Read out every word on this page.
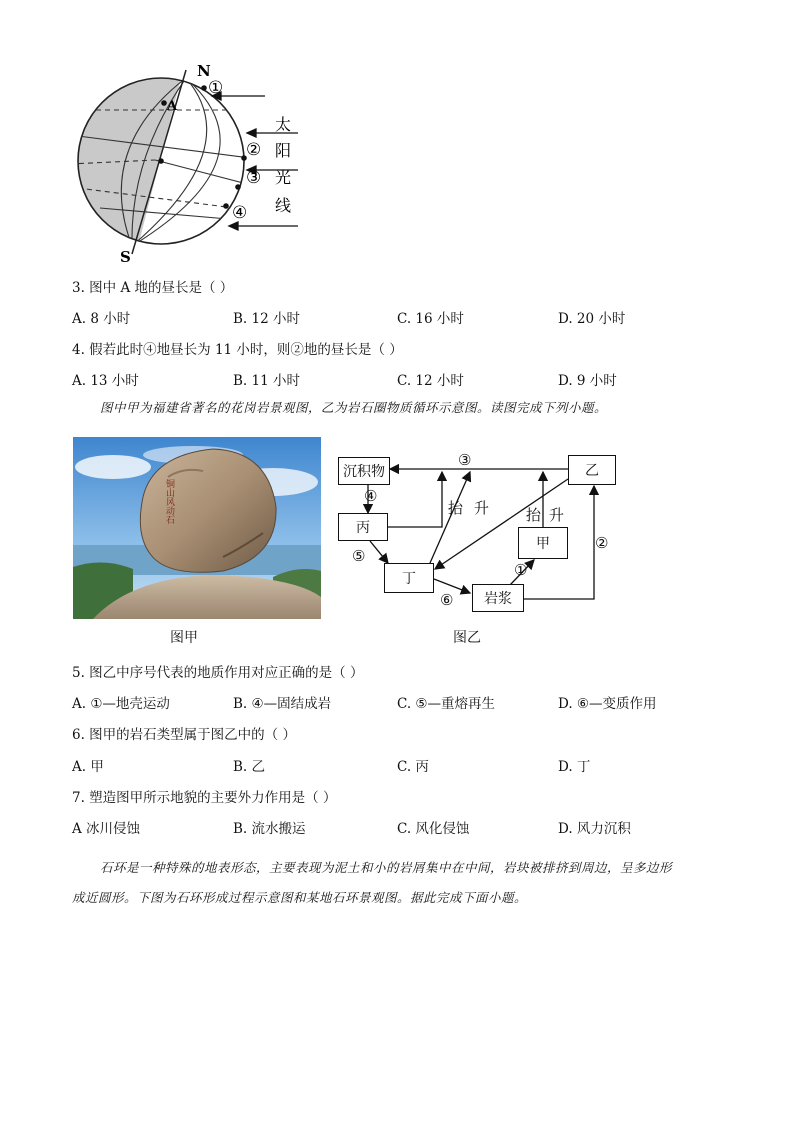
N
A
S
①
②
③
④
太
阳
光
线
3. 图中 A 地的昼长是（ ）
A. 8 小时	B. 12 小时	C. 16 小时	D. 20 小时
4. 假若此时④地昼长为 11 小时，则②地的昼长是（ ）
A. 13 小时	B. 11 小时	C. 12 小时	D. 9 小时
图中甲为福建省著名的花岗岩景观图，乙为岩石圈物质循环示意图。读图完成下列小题。
铜山风动石
图甲
沉积物	乙
丙
甲
丁
岩浆
③
④
⑤
⑥
①
②
抬 升 抬 升
图乙
5. 图乙中序号代表的地质作用对应正确的是（ ）
A. ①—地壳运动	B. ④—固结成岩	C. ⑤—重熔再生	D. ⑥—变质作用
6. 图甲的岩石类型属于图乙中的（ ）
A. 甲	B. 乙	C. 丙	D. 丁
7. 塑造图甲所示地貌的主要外力作用是（ ）
A 冰川侵蚀	B. 流水搬运	C. 风化侵蚀	D. 风力沉积
石环是一种特殊的地表形态，主要表现为泥土和小的岩屑集中在中间，岩块被排挤到周边，呈多边形
成近圆形。下图为石环形成过程示意图和某地石环景观图。据此完成下面小题。
